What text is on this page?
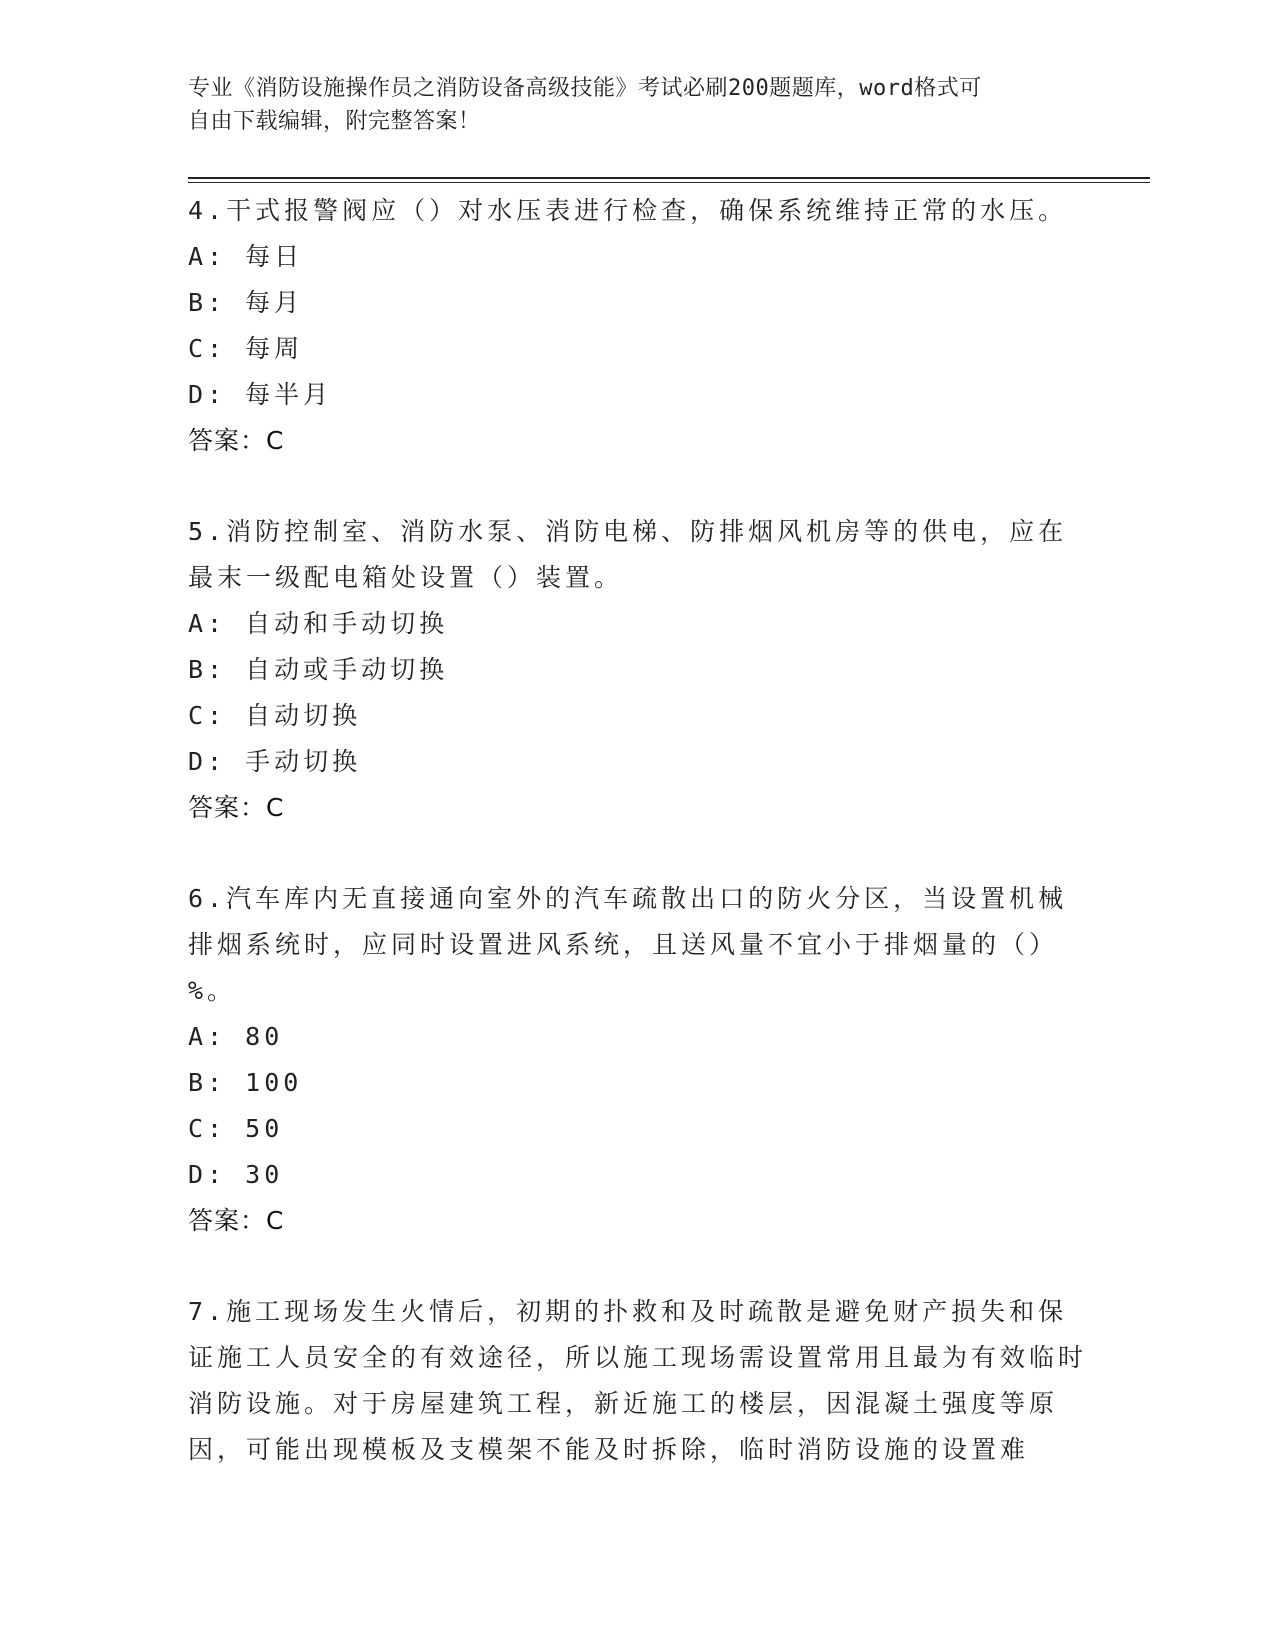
专业《消防设施操作员之消防设备高级技能》考试必刷200题题库，word格式可
自由下载编辑，附完整答案！
4.干式报警阀应（）对水压表进行检查，确保系统维持正常的水压。
A: 每日
B: 每月
C: 每周
D: 每半月
答案：C
5.消防控制室、消防水泵、消防电梯、防排烟风机房等的供电，应在最末一级配电箱处设置（）装置。
A: 自动和手动切换
B: 自动或手动切换
C: 自动切换
D: 手动切换
答案：C
6.汽车库内无直接通向室外的汽车疏散出口的防火分区，当设置机械排烟系统时，应同时设置进风系统，且送风量不宜小于排烟量的（）%。
A: 80
B: 100
C: 50
D: 30
答案：C
7.施工现场发生火情后，初期的扑救和及时疏散是避免财产损失和保证施工人员安全的有效途径，所以施工现场需设置常用且最为有效临时消防设施。对于房屋建筑工程，新近施工的楼层，因混凝土强度等原因，可能出现模板及支模架不能及时拆除，临时消防设施的设置难
